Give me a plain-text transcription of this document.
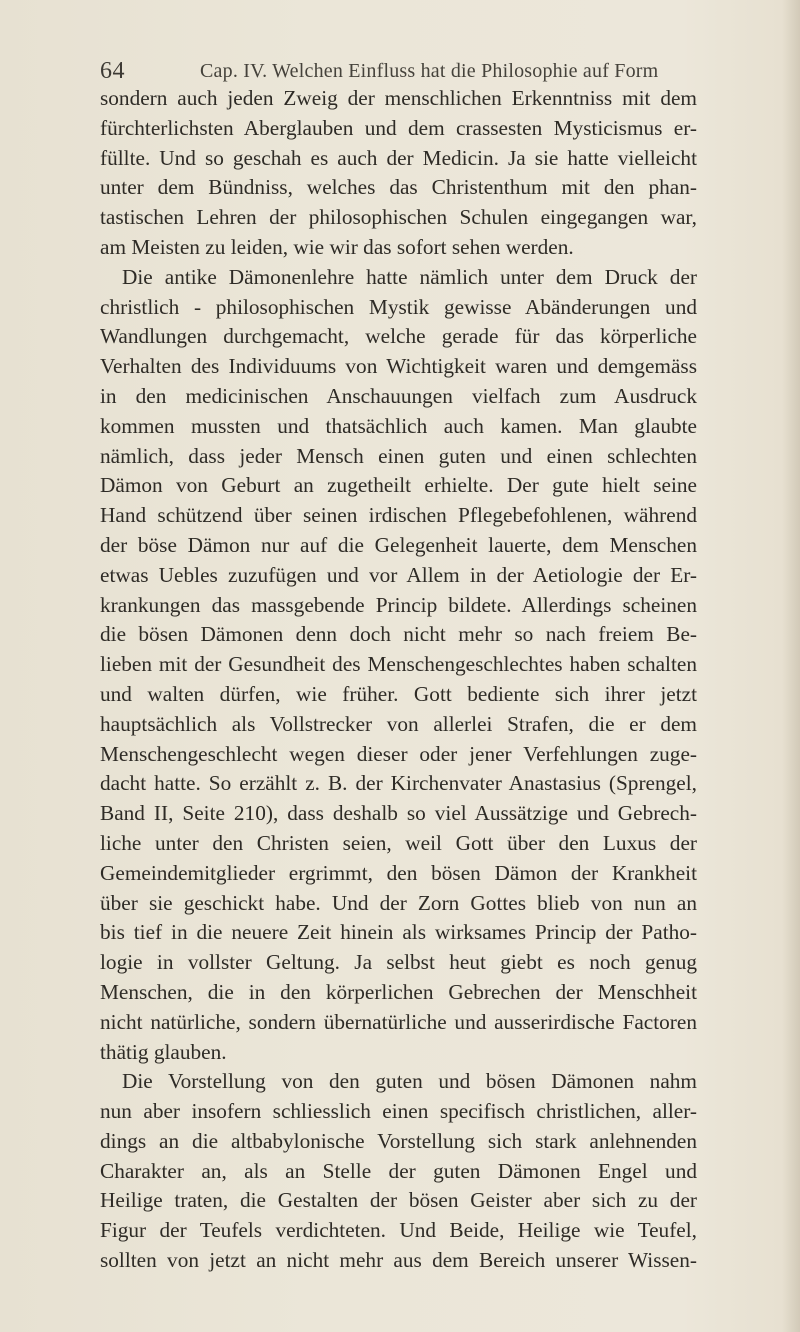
64	Cap. IV. Welchen Einfluss hat die Philosophie auf Form
sondern auch jeden Zweig der menschlichen Erkenntniss mit dem
fürchterlichsten Aberglauben und dem crassesten Mysticismus er-
füllte. Und so geschah es auch der Medicin. Ja sie hatte vielleicht
unter dem Bündniss, welches das Christenthum mit den phan-
tastischen Lehren der philosophischen Schulen eingegangen war,
am Meisten zu leiden, wie wir das sofort sehen werden.
Die antike Dämonenlehre hatte nämlich unter dem Druck der
christlich - philosophischen Mystik gewisse Abänderungen und
Wandlungen durchgemacht, welche gerade für das körperliche
Verhalten des Individuums von Wichtigkeit waren und demgemäss
in den medicinischen Anschauungen vielfach zum Ausdruck
kommen mussten und thatsächlich auch kamen. Man glaubte
nämlich, dass jeder Mensch einen guten und einen schlechten
Dämon von Geburt an zugetheilt erhielte. Der gute hielt seine
Hand schützend über seinen irdischen Pflegebefohlenen, während
der böse Dämon nur auf die Gelegenheit lauerte, dem Menschen
etwas Uebles zuzufügen und vor Allem in der Aetiologie der Er-
krankungen das massgebende Princip bildete. Allerdings scheinen
die bösen Dämonen denn doch nicht mehr so nach freiem Be-
lieben mit der Gesundheit des Menschengeschlechtes haben schalten
und walten dürfen, wie früher. Gott bediente sich ihrer jetzt
hauptsächlich als Vollstrecker von allerlei Strafen, die er dem
Menschengeschlecht wegen dieser oder jener Verfehlungen zuge-
dacht hatte. So erzählt z. B. der Kirchenvater Anastasius (Sprengel,
Band II, Seite 210), dass deshalb so viel Aussätzige und Gebrech-
liche unter den Christen seien, weil Gott über den Luxus der
Gemeindemitglieder ergrimmt, den bösen Dämon der Krankheit
über sie geschickt habe. Und der Zorn Gottes blieb von nun an
bis tief in die neuere Zeit hinein als wirksames Princip der Patho-
logie in vollster Geltung. Ja selbst heut giebt es noch genug
Menschen, die in den körperlichen Gebrechen der Menschheit
nicht natürliche, sondern übernatürliche und ausserirdische Factoren
thätig glauben.
Die Vorstellung von den guten und bösen Dämonen nahm
nun aber insofern schliesslich einen specifisch christlichen, aller-
dings an die altbabylonische Vorstellung sich stark anlehnenden
Charakter an, als an Stelle der guten Dämonen Engel und
Heilige traten, die Gestalten der bösen Geister aber sich zu der
Figur der Teufels verdichteten. Und Beide, Heilige wie Teufel,
sollten von jetzt an nicht mehr aus dem Bereich unserer Wissen-
